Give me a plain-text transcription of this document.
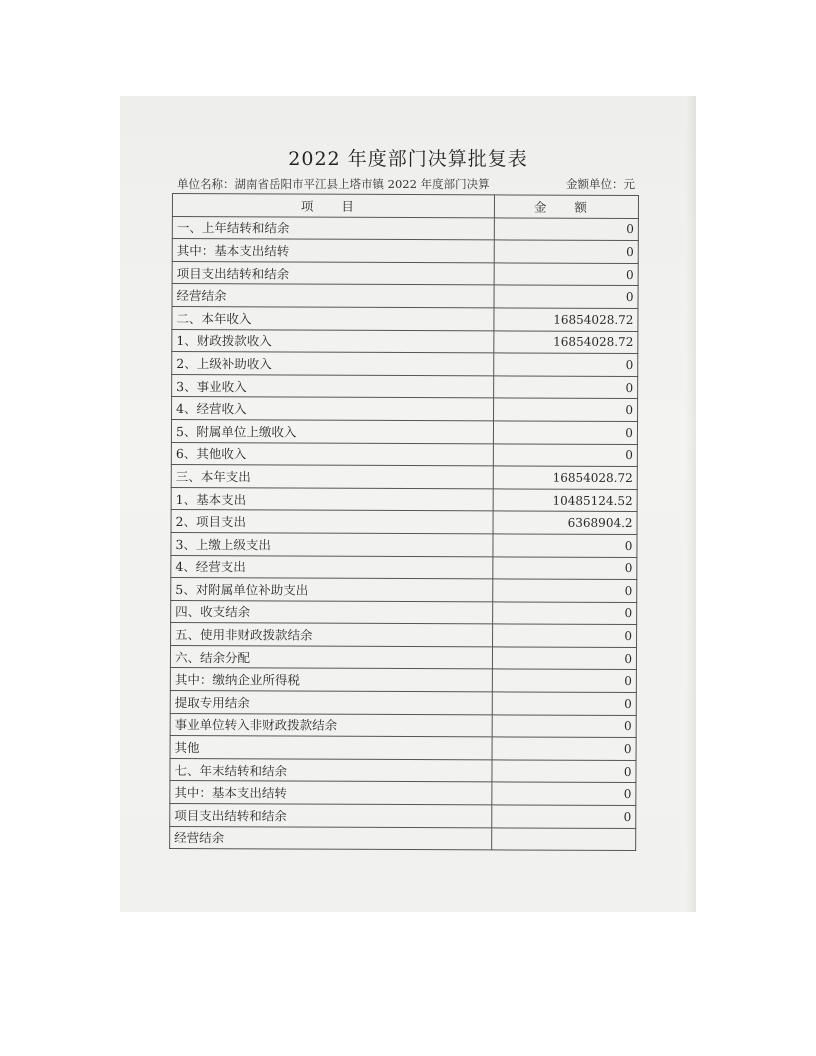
2022 年度部门决算批复表
单位名称：湖南省岳阳市平江县上塔市镇 2022 年度部门决算	金额单位：元
项 目	金 额
一、上年结转和结余	0
其中：基本支出结转	0
项目支出结转和结余	0
经营结余	0
二、本年收入	16854028.72
1、财政拨款收入	16854028.72
2、上级补助收入	0
3、事业收入	0
4、经营收入	0
5、附属单位上缴收入	0
6、其他收入	0
三、本年支出	16854028.72
1、基本支出	10485124.52
2、项目支出	6368904.2
3、上缴上级支出	0
4、经营支出	0
5、对附属单位补助支出	0
四、收支结余	0
五、使用非财政拨款结余	0
六、结余分配	0
其中：缴纳企业所得税	0
提取专用结余	0
事业单位转入非财政拨款结余	0
其他	0
七、年末结转和结余	0
其中：基本支出结转	0
项目支出结转和结余	0
经营结余	
